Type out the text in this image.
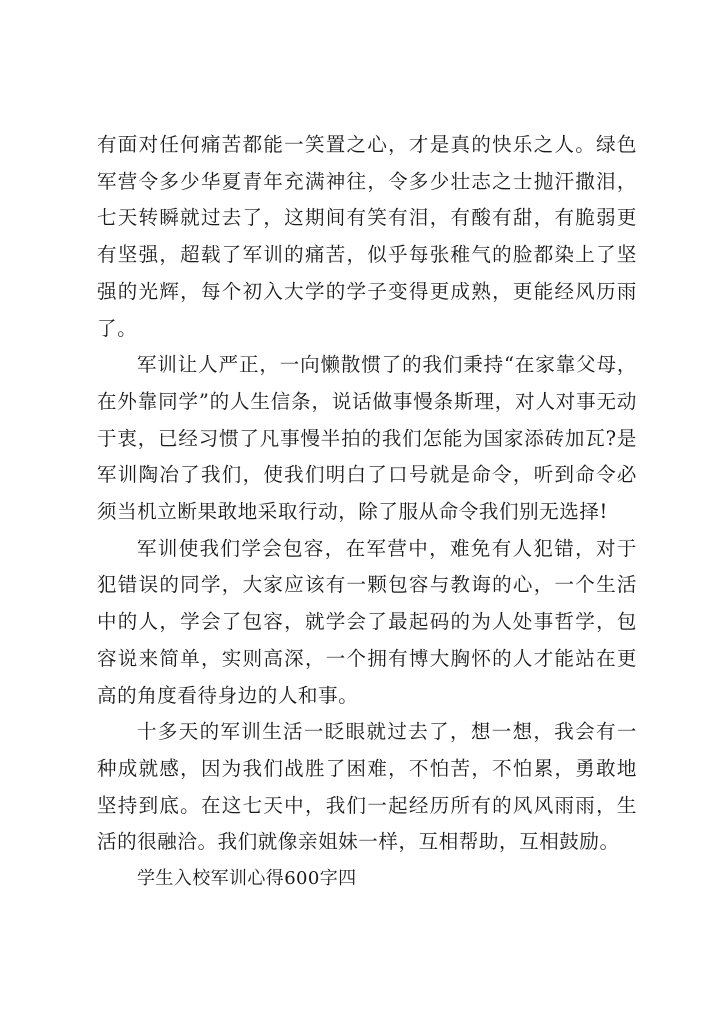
有面对任何痛苦都能一笑置之心，才是真的快乐之人。绿色军营令多少华夏青年充满神往，令多少壮志之士抛汗撒泪，七天转瞬就过去了，这期间有笑有泪，有酸有甜，有脆弱更有坚强，超载了军训的痛苦，似乎每张稚气的脸都染上了坚强的光辉，每个初入大学的学子变得更成熟，更能经风历雨了。

军训让人严正，一向懒散惯了的我们秉持“在家靠父母，在外靠同学”的人生信条，说话做事慢条斯理，对人对事无动于衷，已经习惯了凡事慢半拍的我们怎能为国家添砖加瓦?是军训陶冶了我们，使我们明白了口号就是命令，听到命令必须当机立断果敢地采取行动，除了服从命令我们别无选择!

军训使我们学会包容，在军营中，难免有人犯错，对于犯错误的同学，大家应该有一颗包容与教诲的心，一个生活中的人，学会了包容，就学会了最起码的为人处事哲学，包容说来简单，实则高深，一个拥有博大胸怀的人才能站在更高的角度看待身边的人和事。

十多天的军训生活一眨眼就过去了，想一想，我会有一种成就感，因为我们战胜了困难，不怕苦，不怕累，勇敢地坚持到底。在这七天中，我们一起经历所有的风风雨雨，生活的很融洽。我们就像亲姐妹一样，互相帮助，互相鼓励。

学生入校军训心得600字四
